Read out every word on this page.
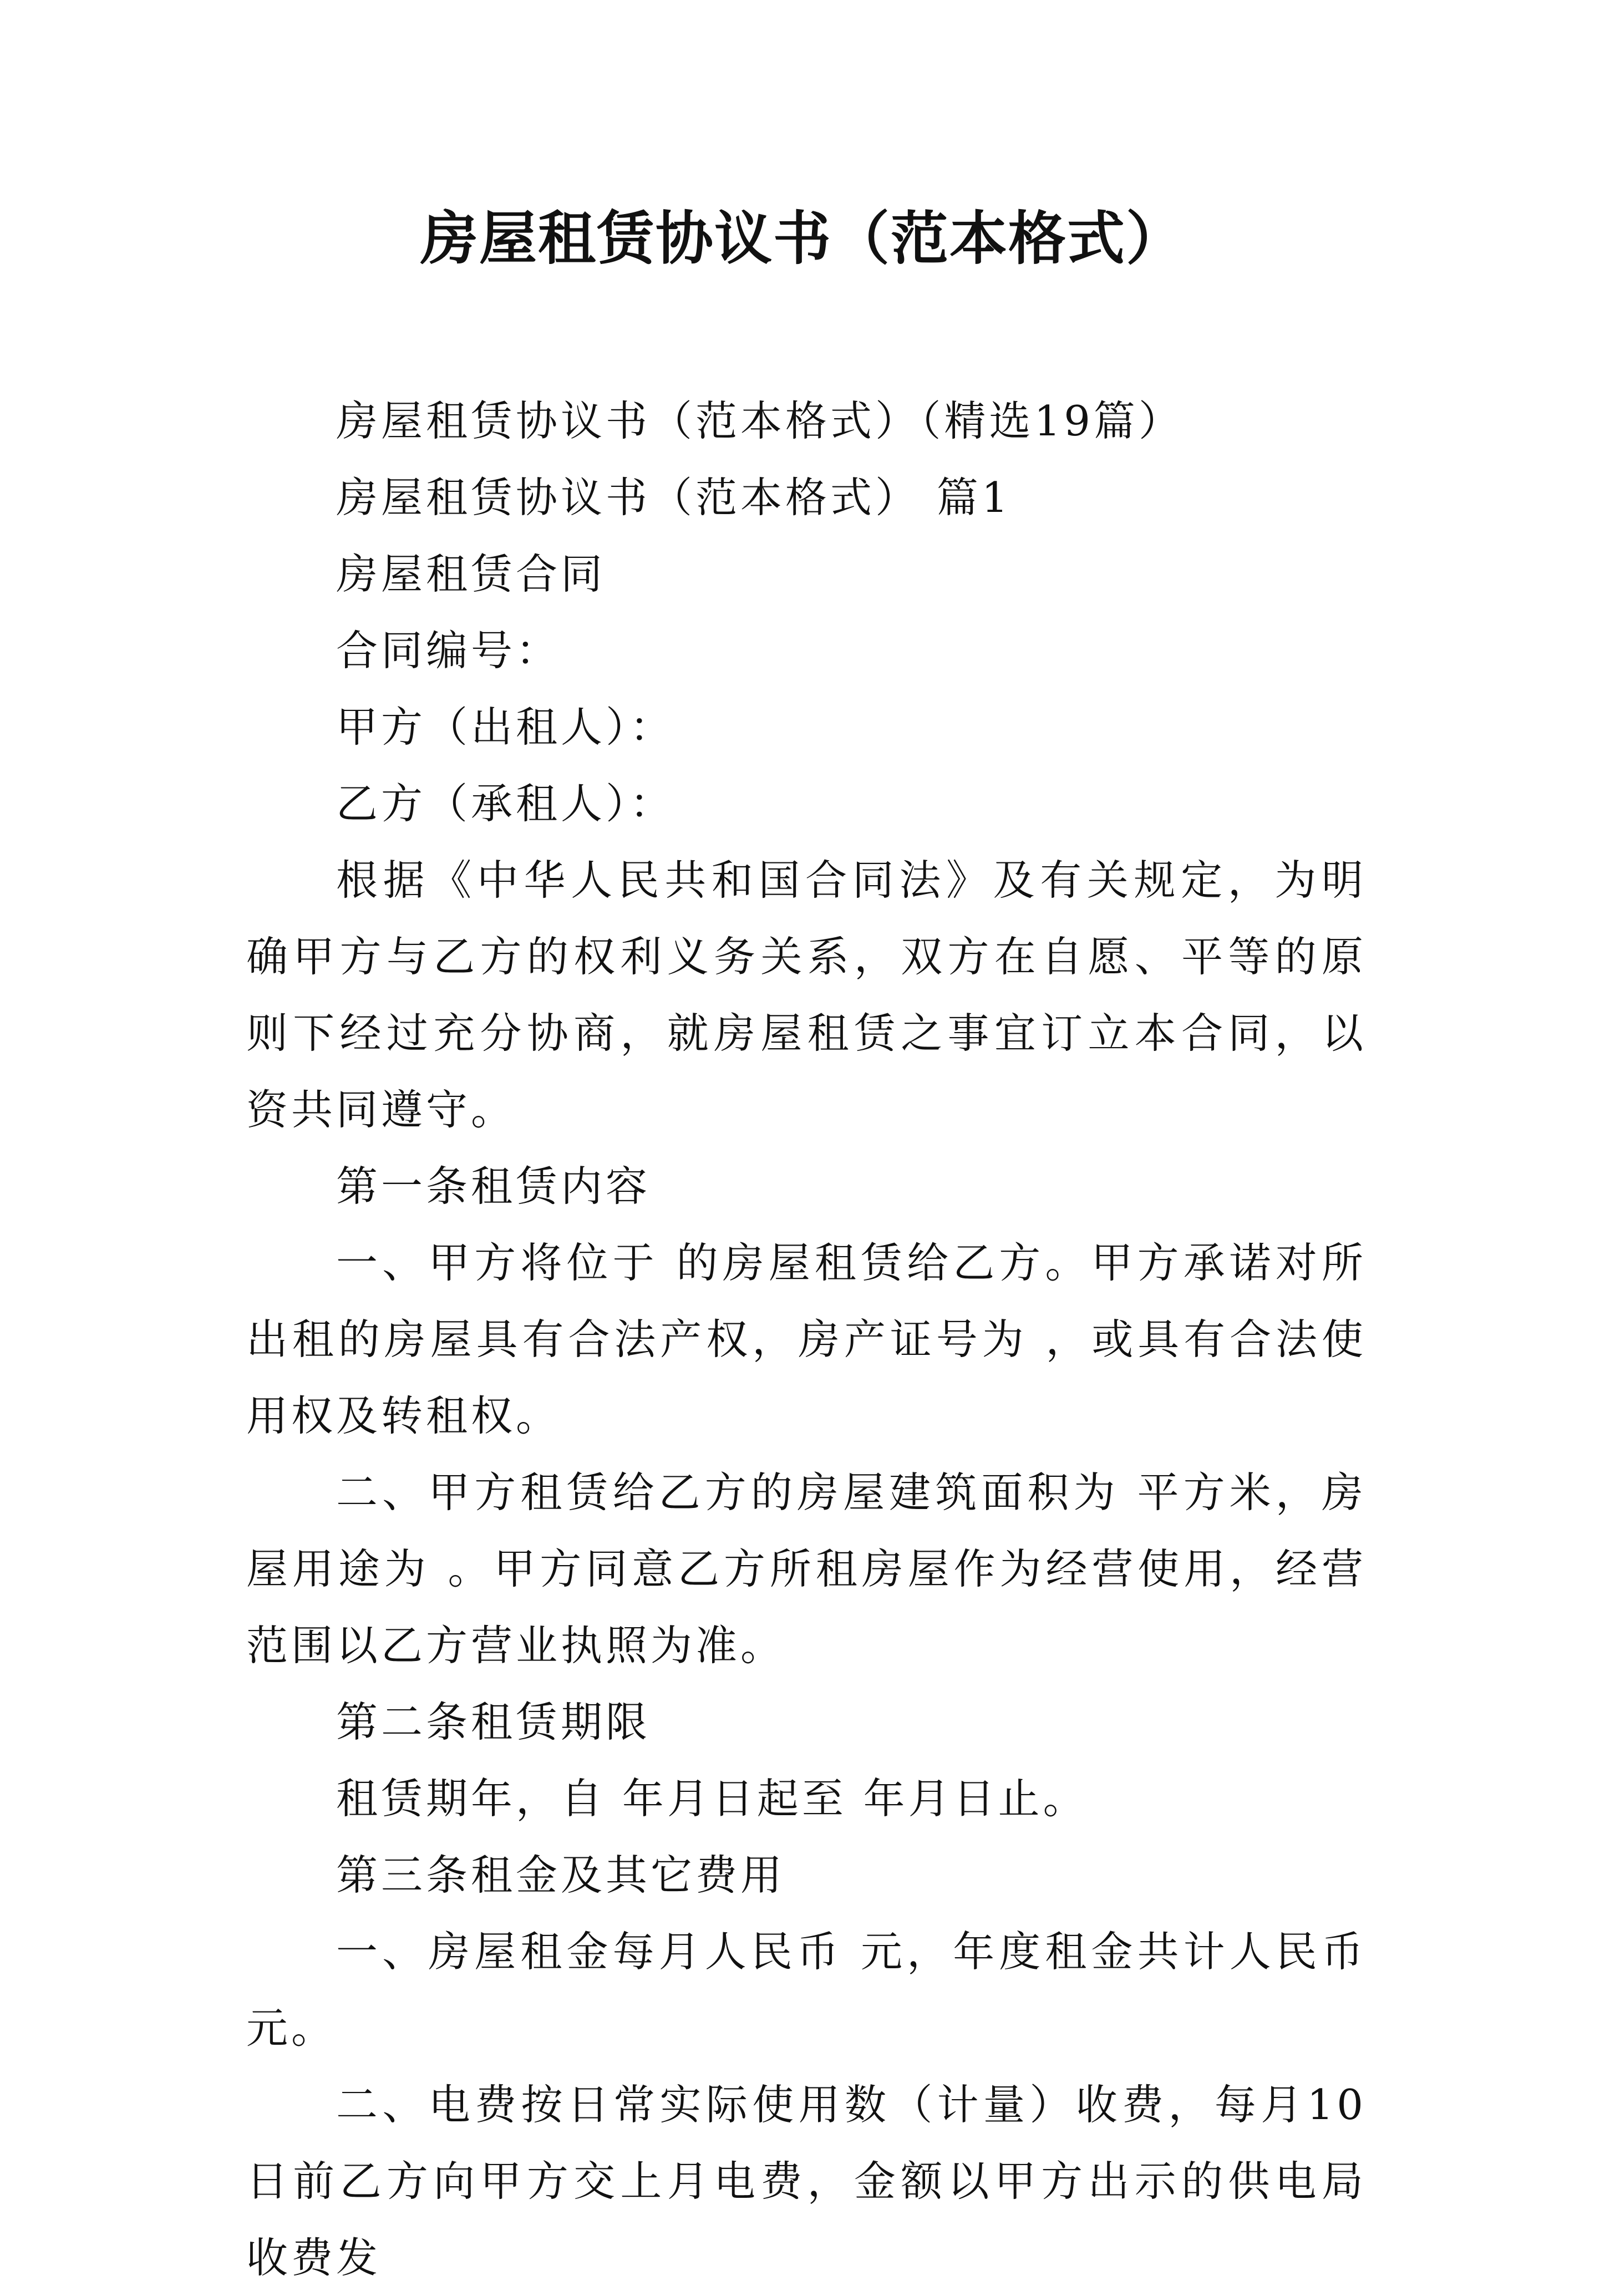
房屋租赁协议书（范本格式）

房屋租赁协议书（范本格式）（精选19篇）

房屋租赁协议书（范本格式） 篇1

房屋租赁合同

合同编号：

甲方（出租人）：

乙方（承租人）：

根据《中华人民共和国合同法》及有关规定，为明确甲方与乙方的权利义务关系，双方在自愿、平等的原则下经过充分协商，就房屋租赁之事宜订立本合同，以资共同遵守。

第一条租赁内容

一、甲方将位于 的房屋租赁给乙方。甲方承诺对所出租的房屋具有合法产权，房产证号为 ，或具有合法使用权及转租权。

二、甲方租赁给乙方的房屋建筑面积为 平方米，房屋用途为 。甲方同意乙方所租房屋作为经营使用，经营范围以乙方营业执照为准。

第二条租赁期限

租赁期年，自 年月日起至 年月日止。

第三条租金及其它费用

一、房屋租金每月人民币 元，年度租金共计人民币 元。

二、电费按日常实际使用数（计量）收费，每月10日前乙方向甲方交上月电费，金额以甲方出示的供电局收费发
